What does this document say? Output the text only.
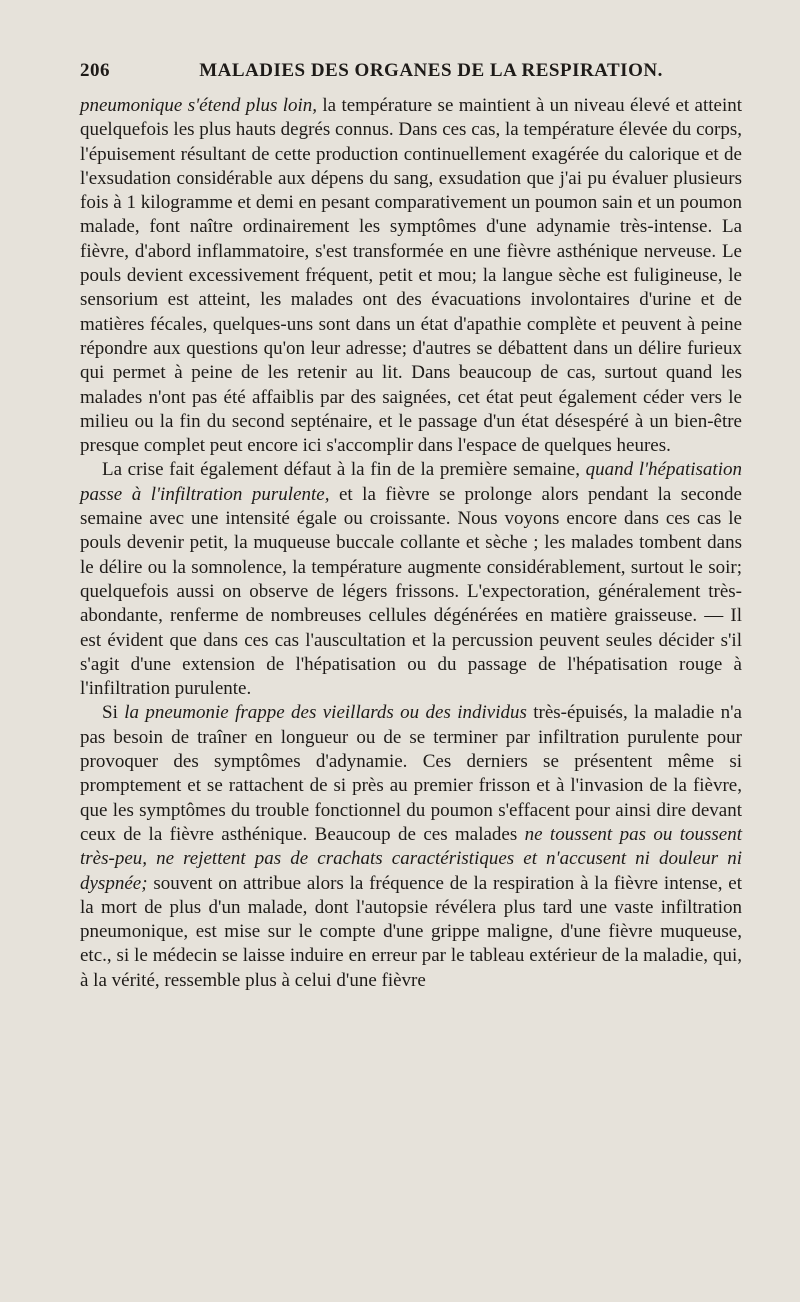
206	MALADIES DES ORGANES DE LA RESPIRATION.

pneumonique s'étend plus loin, la température se maintient à un niveau élevé et atteint quelquefois les plus hauts degrés connus. Dans ces cas, la température élevée du corps, l'épuisement résultant de cette production continuellement exagérée du calorique et de l'exsudation considérable aux dépens du sang, exsudation que j'ai pu évaluer plusieurs fois à 1 kilogramme et demi en pesant comparativement un poumon sain et un poumon malade, font naître ordinairement les symptômes d'une adynamie très-intense. La fièvre, d'abord inflammatoire, s'est transformée en une fièvre asthénique nerveuse. Le pouls devient excessivement fréquent, petit et mou; la langue sèche est fuligineuse, le sensorium est atteint, les malades ont des évacuations involontaires d'urine et de matières fécales, quelques-uns sont dans un état d'apathie complète et peuvent à peine répondre aux questions qu'on leur adresse; d'autres se débattent dans un délire furieux qui permet à peine de les retenir au lit. Dans beaucoup de cas, surtout quand les malades n'ont pas été affaiblis par des saignées, cet état peut également céder vers le milieu ou la fin du second septénaire, et le passage d'un état désespéré à un bien-être presque complet peut encore ici s'accomplir dans l'espace de quelques heures.

La crise fait également défaut à la fin de la première semaine, quand l'hépatisation passe à l'infiltration purulente, et la fièvre se prolonge alors pendant la seconde semaine avec une intensité égale ou croissante. Nous voyons encore dans ces cas le pouls devenir petit, la muqueuse buccale collante et sèche ; les malades tombent dans le délire ou la somnolence, la température augmente considérablement, surtout le soir; quelquefois aussi on observe de légers frissons. L'expectoration, généralement très-abondante, renferme de nombreuses cellules dégénérées en matière graisseuse. — Il est évident que dans ces cas l'auscultation et la percussion peuvent seules décider s'il s'agit d'une extension de l'hépatisation ou du passage de l'hépatisation rouge à l'infiltration purulente.

Si la pneumonie frappe des vieillards ou des individus très-épuisés, la maladie n'a pas besoin de traîner en longueur ou de se terminer par infiltration purulente pour provoquer des symptômes d'adynamie. Ces derniers se présentent même si promptement et se rattachent de si près au premier frisson et à l'invasion de la fièvre, que les symptômes du trouble fonctionnel du poumon s'effacent pour ainsi dire devant ceux de la fièvre asthénique. Beaucoup de ces malades ne toussent pas ou toussent très-peu, ne rejettent pas de crachats caractéristiques et n'accusent ni douleur ni dyspnée; souvent on attribue alors la fréquence de la respiration à la fièvre intense, et la mort de plus d'un malade, dont l'autopsie révélera plus tard une vaste infiltration pneumonique, est mise sur le compte d'une grippe maligne, d'une fièvre muqueuse, etc., si le médecin se laisse induire en erreur par le tableau extérieur de la maladie, qui, à la vérité, ressemble plus à celui d'une fièvre
